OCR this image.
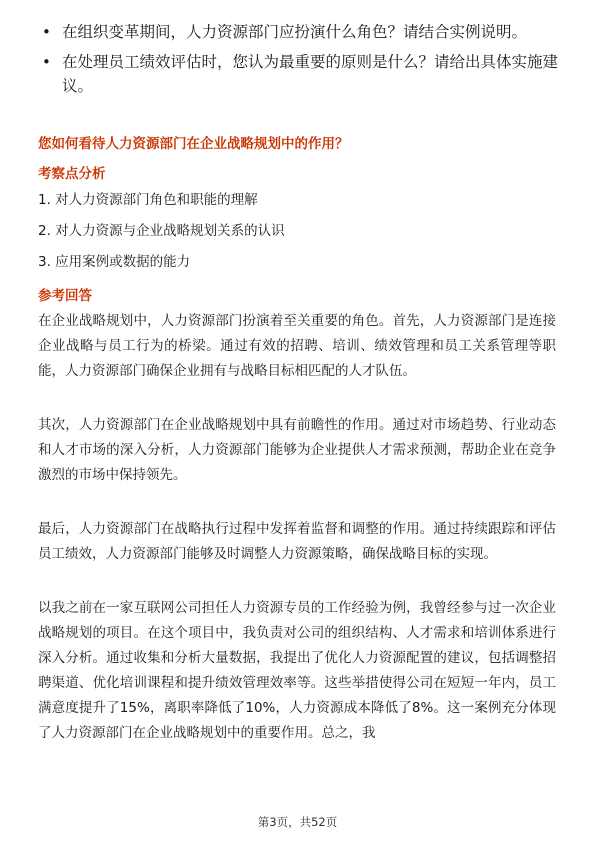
• 在组织变革期间，人力资源部门应扮演什么角色？请结合实例说明。
• 在处理员工绩效评估时，您认为最重要的原则是什么？请给出具体实施建议。
您如何看待人力资源部门在企业战略规划中的作用？
考察点分析
1. 对人力资源部门角色和职能的理解
2. 对人力资源与企业战略规划关系的认识
3. 应用案例或数据的能力
参考回答

在企业战略规划中，人力资源部门扮演着至关重要的角色。首先，人力资源部门是连接企业战略与员工行为的桥梁。通过有效的招聘、培训、绩效管理和员工关系管理等职能，人力资源部门确保企业拥有与战略目标相匹配的人才队伍。

其次，人力资源部门在企业战略规划中具有前瞻性的作用。通过对市场趋势、行业动态和人才市场的深入分析，人力资源部门能够为企业提供人才需求预测，帮助企业在竞争激烈的市场中保持领先。

最后，人力资源部门在战略执行过程中发挥着监督和调整的作用。通过持续跟踪和评估员工绩效，人力资源部门能够及时调整人力资源策略，确保战略目标的实现。

以我之前在一家互联网公司担任人力资源专员的工作经验为例，我曾经参与过一次企业战略规划的项目。在这个项目中，我负责对公司的组织结构、人才需求和培训体系进行深入分析。通过收集和分析大量数据，我提出了优化人力资源配置的建议，包括调整招聘渠道、优化培训课程和提升绩效管理效率等。这些举措使得公司在短短一年内，员工满意度提升了15%，离职率降低了10%，人力资源成本降低了8%。这一案例充分体现了人力资源部门在企业战略规划中的重要作用。总之，我

第3页，共52页
